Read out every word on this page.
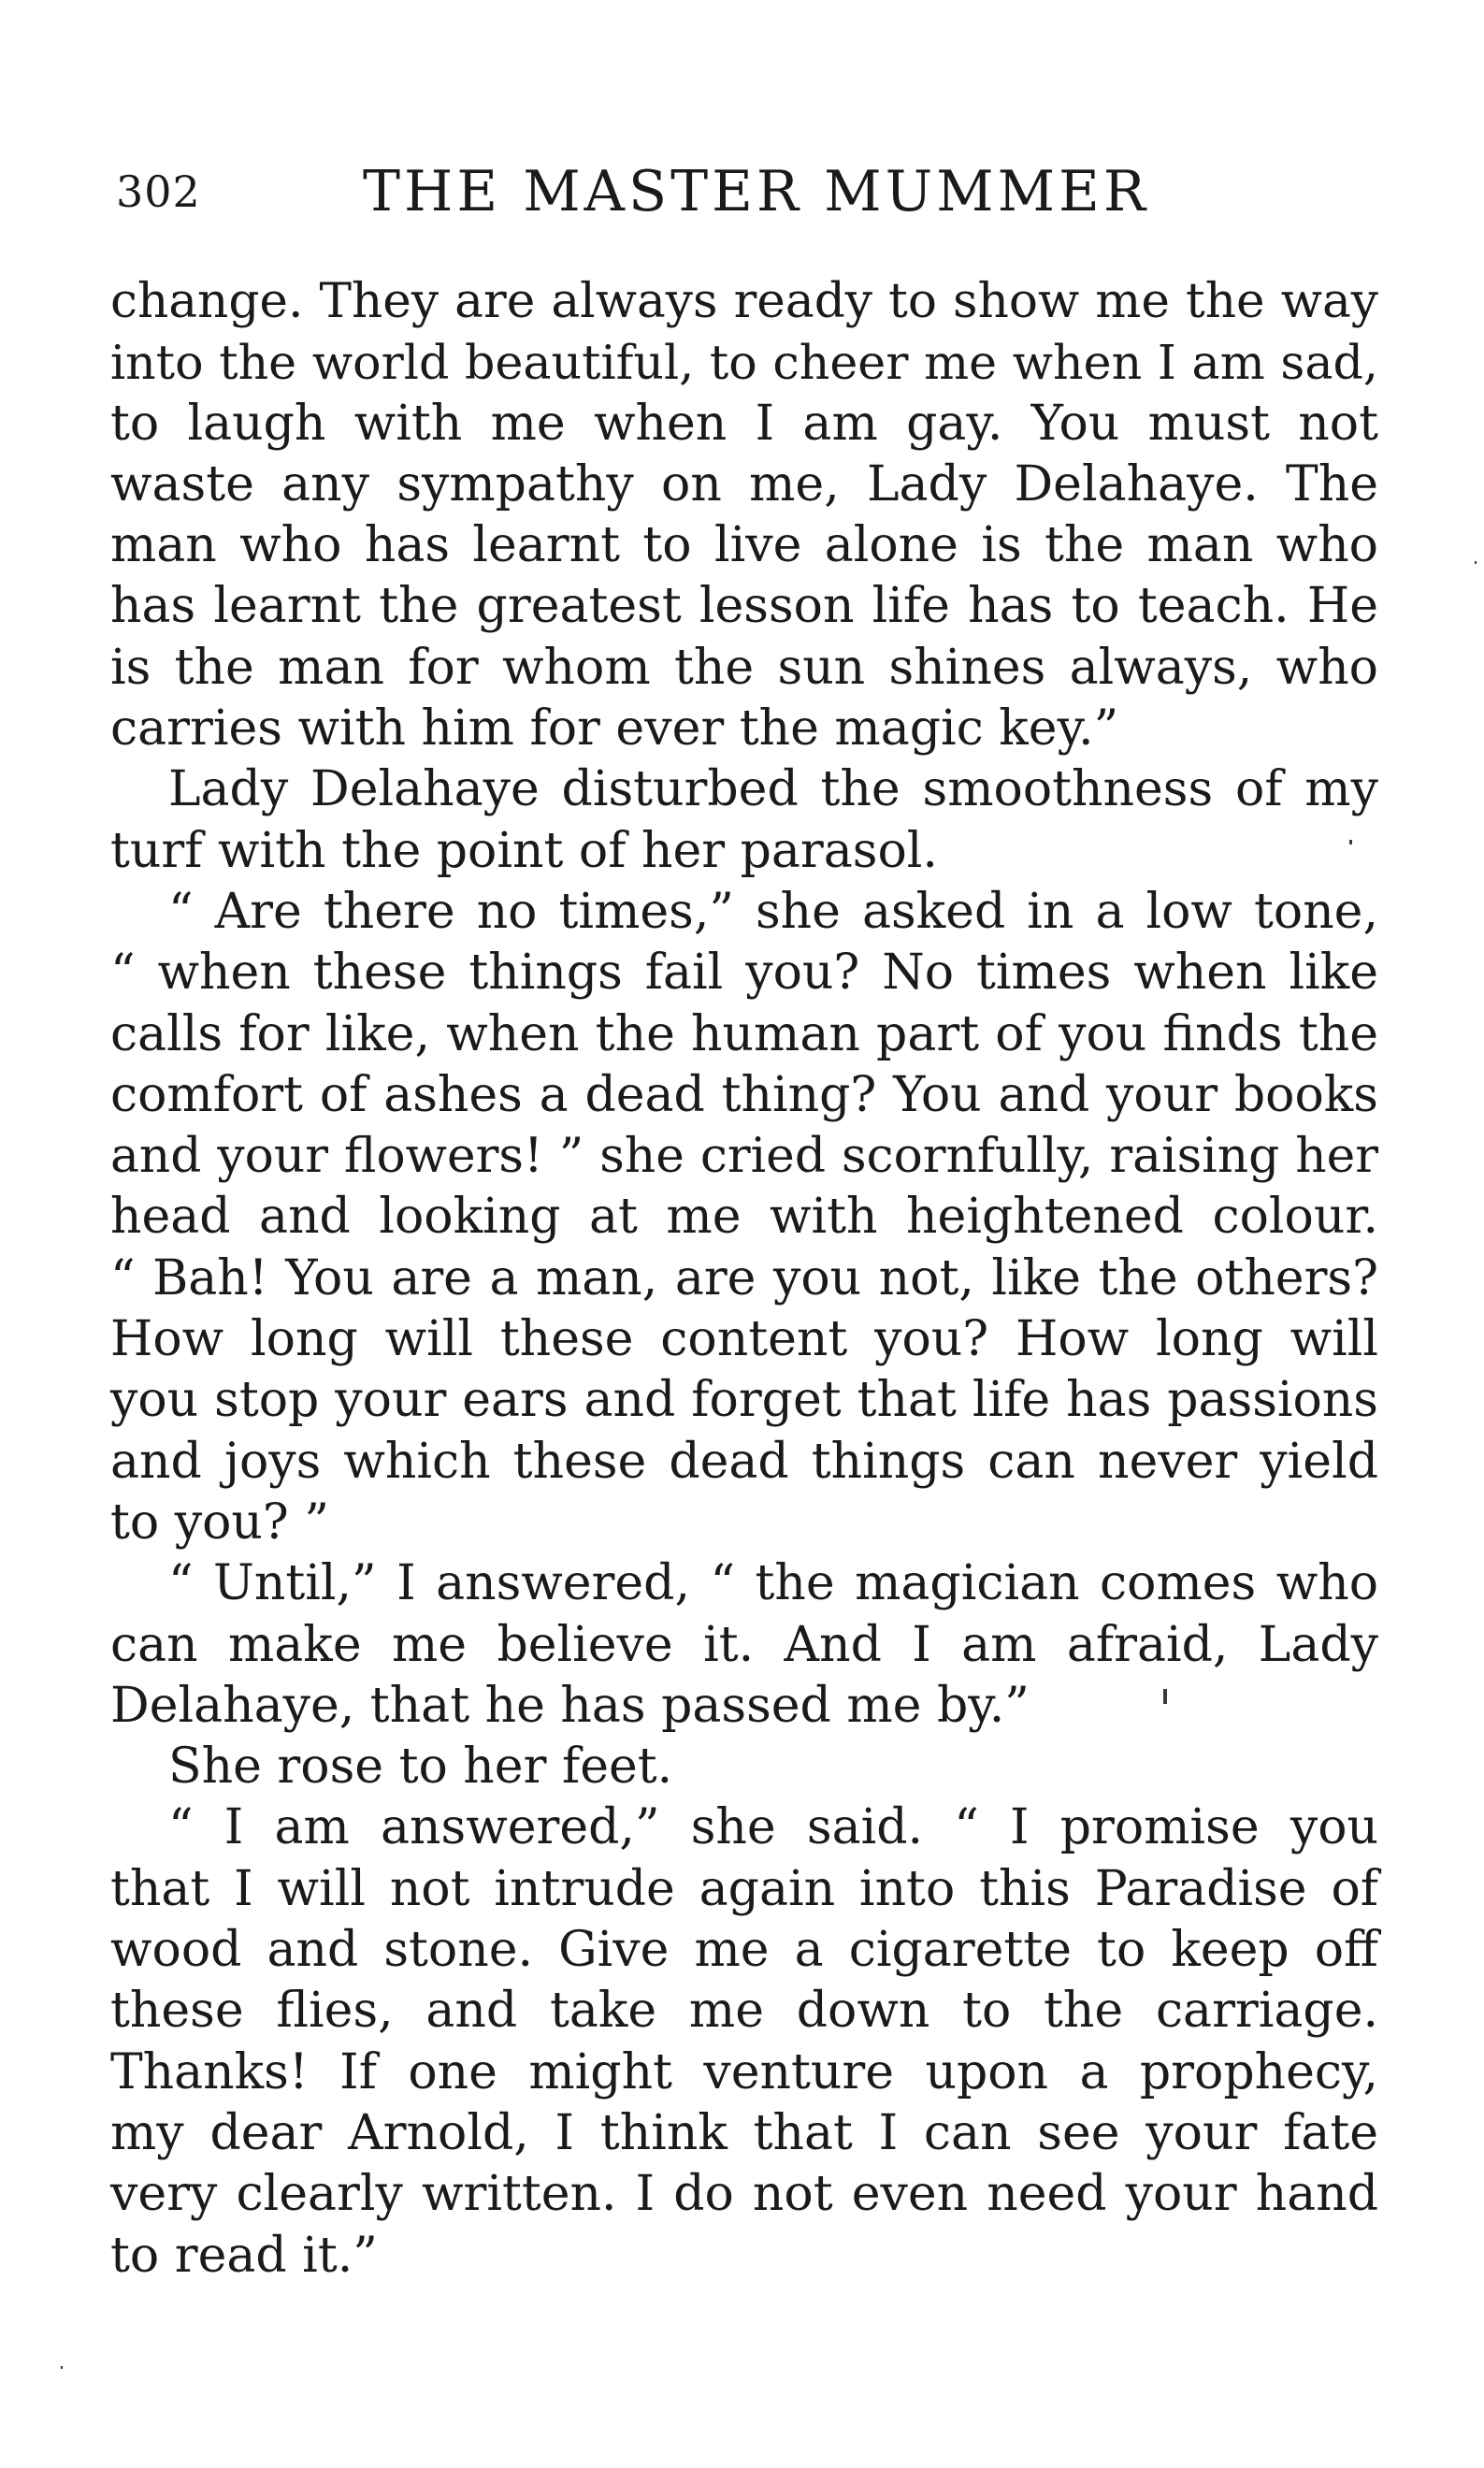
302	THE MASTER MUMMER
change. They are always ready to show me the way
into the world beautiful, to cheer me when I am sad,
to laugh with me when I am gay. You must not
waste any sympathy on me, Lady Delahaye. The
man who has learnt to live alone is the man who
has learnt the greatest lesson life has to teach. He
is the man for whom the sun shines always, who
carries with him for ever the magic key.”
Lady Delahaye disturbed the smoothness of my
turf with the point of her parasol.
“ Are there no times,” she asked in a low tone,
“ when these things fail you? No times when like
calls for like, when the human part of you finds the
comfort of ashes a dead thing? You and your books
and your flowers! ” she cried scornfully, raising her
head and looking at me with heightened colour.
“ Bah! You are a man, are you not, like the others?
How long will these content you? How long will
you stop your ears and forget that life has passions
and joys which these dead things can never yield
to you? ”
“ Until,” I answered, “ the magician comes who
can make me believe it. And I am afraid, Lady
Delahaye, that he has passed me by.”
She rose to her feet.
“ I am answered,” she said. “ I promise you
that I will not intrude again into this Paradise of
wood and stone. Give me a cigarette to keep off
these flies, and take me down to the carriage.
Thanks! If one might venture upon a prophecy,
my dear Arnold, I think that I can see your fate
very clearly written. I do not even need your hand
to read it.”
